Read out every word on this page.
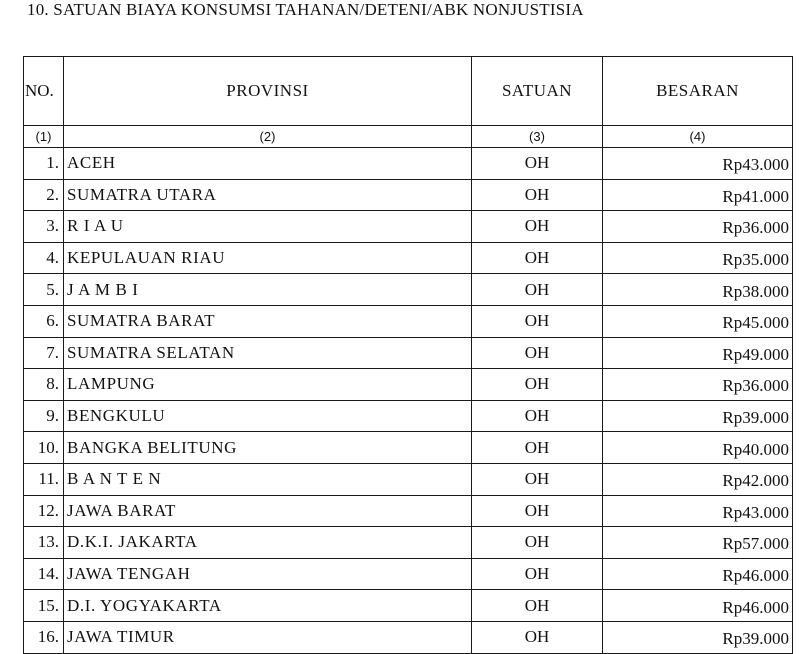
10. SATUAN BIAYA KONSUMSI TAHANAN/DETENI/ABK NONJUSTISIA
NO.	PROVINSI	SATUAN	BESARAN
(1)	(2)	(3)	(4)
1.	ACEH	OH	Rp43.000
2.	SUMATRA UTARA	OH	Rp41.000
3.	R I A U	OH	Rp36.000
4.	KEPULAUAN RIAU	OH	Rp35.000
5.	J A M B I	OH	Rp38.000
6.	SUMATRA BARAT	OH	Rp45.000
7.	SUMATRA SELATAN	OH	Rp49.000
8.	LAMPUNG	OH	Rp36.000
9.	BENGKULU	OH	Rp39.000
10.	BANGKA BELITUNG	OH	Rp40.000
11.	B A N T E N	OH	Rp42.000
12.	JAWA BARAT	OH	Rp43.000
13.	D.K.I. JAKARTA	OH	Rp57.000
14.	JAWA TENGAH	OH	Rp46.000
15.	D.I. YOGYAKARTA	OH	Rp46.000
16.	JAWA TIMUR	OH	Rp39.000
